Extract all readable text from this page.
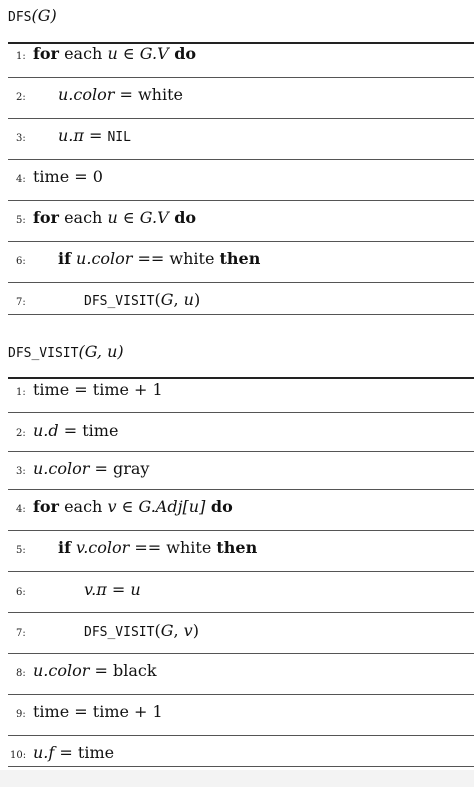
DFS(G)
1: for each u ∈ G.V do
2: u.color = white
3: u.π = NIL
4: time = 0
5: for each u ∈ G.V do
6: if u.color == white then
7:	DFS_VISIT(G, u)
DFS_VISIT(G, u)
1: time = time + 1
2: u.d = time
3: u.color = gray
4: for each v ∈ G.Adj[u] do
5: if v.color == white then
6:	v.π = u
7:	DFS_VISIT(G, v)
8: u.color = black
9: time = time + 1
10: u.f = time
